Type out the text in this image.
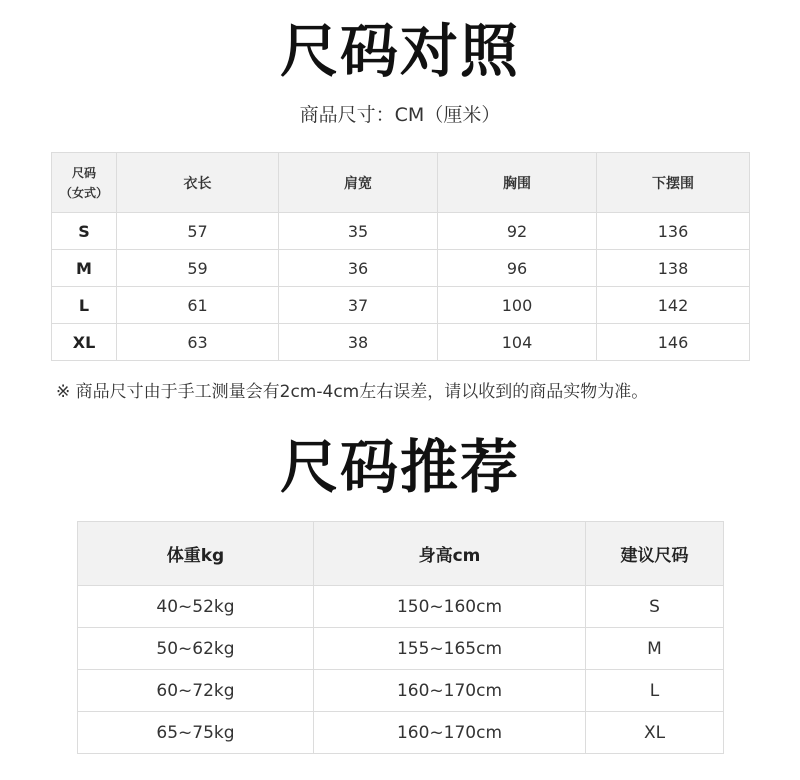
尺码对照
商品尺寸：CM（厘米）
尺码
（女式）	衣长	肩宽	胸围	下摆围
S	57	35	92	136
M	59	36	96	138
L	61	37	100	142
XL	63	38	104	146
※ 商品尺寸由于手工测量会有2cm-4cm左右误差，请以收到的商品实物为准。
尺码推荐
体重kg	身高cm	建议尺码
40~52kg	150~160cm	S
50~62kg	155~165cm	M
60~72kg	160~170cm	L
65~75kg	160~170cm	XL
